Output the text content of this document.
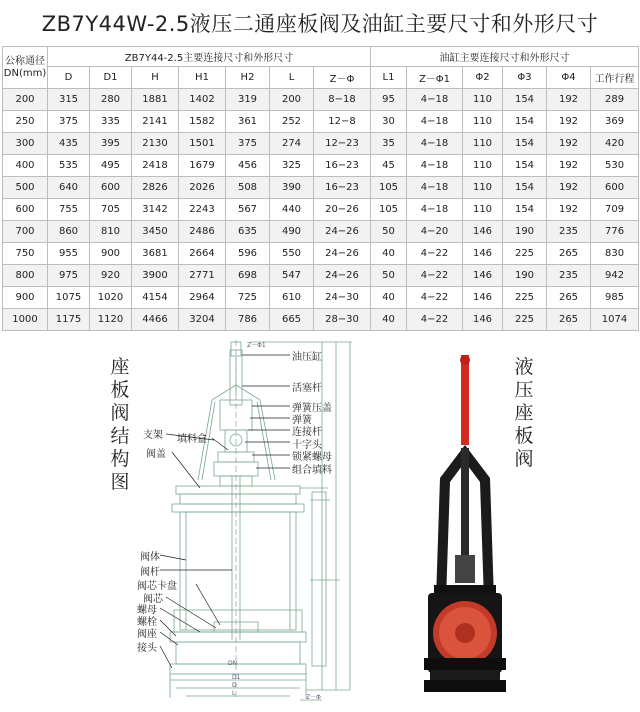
ZB7Y44W-2.5液压二通座板阀及油缸主要尺寸和外形尺寸
公称通径
DN(mm)	ZB7Y44-2.5主要连接尺寸和外形尺寸							油缸主要连接尺寸和外形尺寸					
	D	D1	H	H1	H2	L	Z－Φ	L1	Z－Φ1	Φ2	Φ3	Φ4	工作行程
200	315	280	1881	1402	319	200	8−18	95	4−18	110	154	192	289
250	375	335	2141	1582	361	252	12−8	30	4−18	110	154	192	369
300	435	395	2130	1501	375	274	12−23	35	4−18	110	154	192	420
400	535	495	2418	1679	456	325	16−23	45	4−18	110	154	192	530
500	640	600	2826	2026	508	390	16−23	105	4−18	110	154	192	600
600	755	705	3142	2243	567	440	20−26	105	4−18	110	154	192	709
700	860	810	3450	2486	635	490	24−26	50	4−20	146	190	235	776
750	955	900	3681	2664	596	550	24−26	40	4−22	146	225	265	830
800	975	920	3900	2771	698	547	24−26	50	4−22	146	190	235	942
900	1075	1020	4154	2964	725	610	24−30	40	4−22	146	225	265	985
1000	1175	1120	4466	3204	786	665	28−30	40	4−22	146	225	265	1074
座
板
阀
结
构
图
液
压
座
板
阀
油压缸
活塞杆
弹簧压盖
弹簧
连接杆
十字头
锁紧螺母
组合填料
支架 填料盒
阀盖
阀体
阀杆
阀芯卡盘
阀芯
螺母
螺栓
阀座
接头
Z－Φ1
Z－Φ
DN
D1
D
L
